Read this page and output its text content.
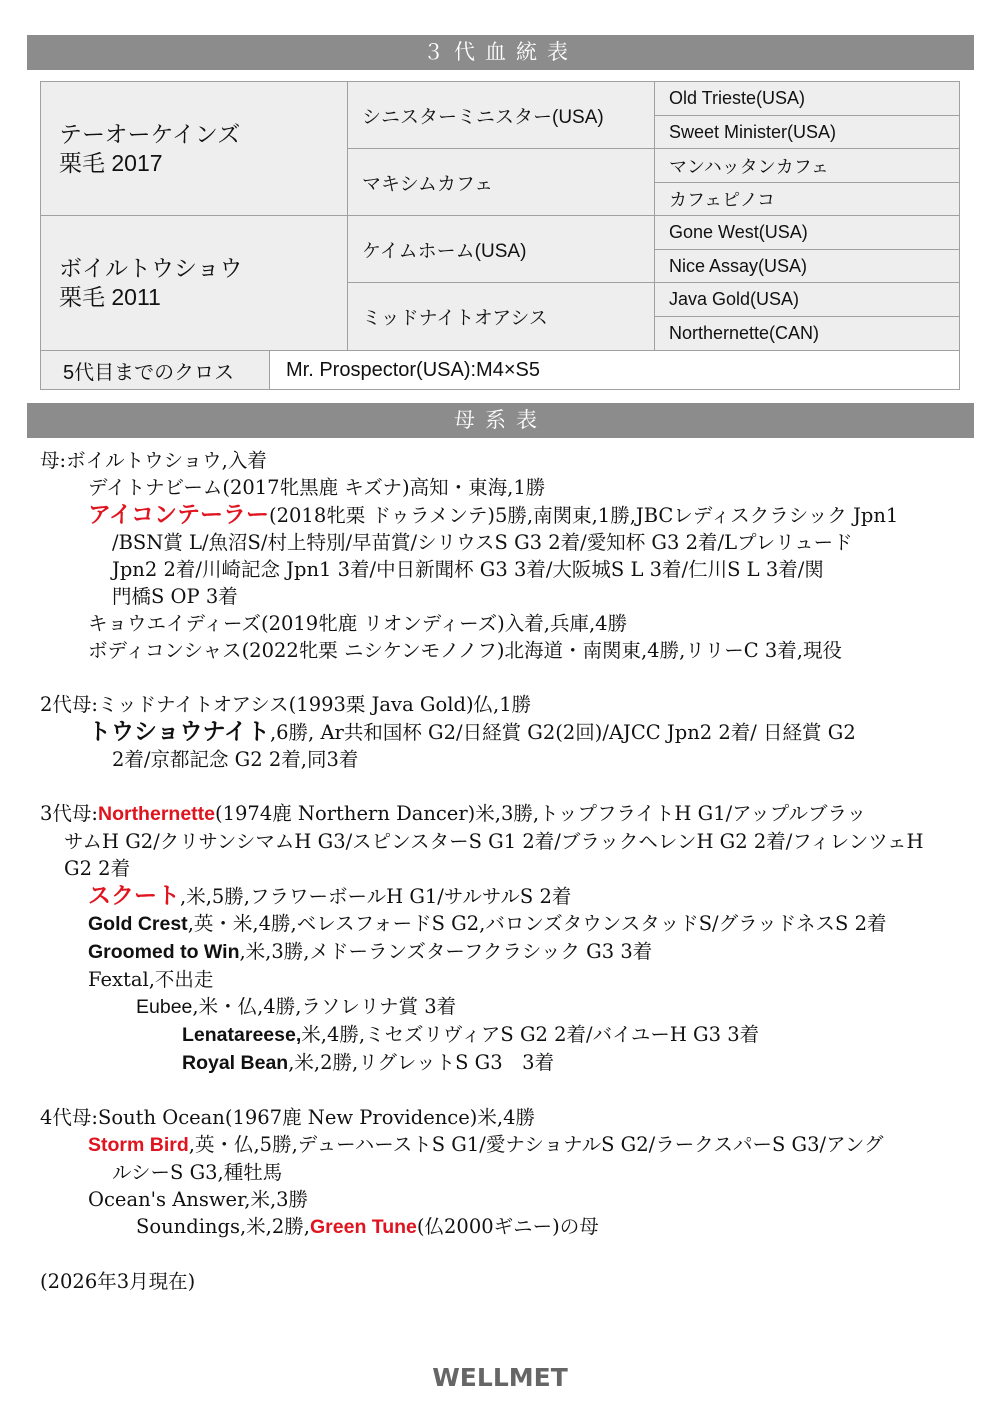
３代血統表
テーオーケインズ
栗毛 2017
ボイルトウショウ
栗毛 2011
シニスターミニスター(USA)
マキシムカフェ
ケイムホーム(USA)
ミッドナイトオアシス
Old Trieste(USA)
Sweet Minister(USA)
マンハッタンカフェ
カフェピノコ
Gone West(USA)
Nice Assay(USA)
Java Gold(USA)
Northernette(CAN)
5代目までのクロス	Mr. Prospector(USA):M4×S5
母系表
母:ボイルトウショウ,入着
デイトナビーム(2017牝黒鹿 キズナ)高知・東海,1勝
アイコンテーラー(2018牝栗 ドゥラメンテ)5勝,南関東,1勝,JBCレディスクラシック Jpn1
/BSN賞 L/魚沼S/村上特別/早苗賞/シリウスS G3 2着/愛知杯 G3 2着/Lプレリュード
Jpn2 2着/川崎記念 Jpn1 3着/中日新聞杯 G3 3着/大阪城S L 3着/仁川S L 3着/関
門橋S OP 3着
キョウエイディーズ(2019牝鹿 リオンディーズ)入着,兵庫,4勝
ボディコンシャス(2022牝栗 ニシケンモノノフ)北海道・南関東,4勝,リリーC 3着,現役
2代母:ミッドナイトオアシス(1993栗 Java Gold)仏,1勝
トウショウナイト,6勝, Ar共和国杯 G2/日経賞 G2(2回)/AJCC Jpn2 2着/ 日経賞 G2
2着/京都記念 G2 2着,同3着
3代母:Northernette(1974鹿 Northern Dancer)米,3勝,トップフライトH G1/アップルブラッ
サムH G2/クリサンシマムH G3/スピンスターS G1 2着/ブラックヘレンH G2 2着/フィレンツェH
G2 2着
スクート,米,5勝,フラワーボールH G1/サルサルS 2着
Gold Crest,英・米,4勝,ベレスフォードS G2,バロンズタウンスタッドS/グラッドネスS 2着
Groomed to Win,米,3勝,メドーランズターフクラシック G3 3着
Fextal,不出走
Eubee,米・仏,4勝,ラソレリナ賞 3着
Lenatareese,米,4勝,ミセズリヴィアS G2 2着/バイユーH G3 3着
Royal Bean,米,2勝,リグレットS G3　3着
4代母:South Ocean(1967鹿 New Providence)米,4勝
Storm Bird,英・仏,5勝,デューハーストS G1/愛ナショナルS G2/ラークスパーS G3/アング
ルシーS G3,種牡馬
Ocean's Answer,米,3勝
Soundings,米,2勝,Green Tune(仏2000ギニー)の母
(2026年3月現在)
WELLMET
